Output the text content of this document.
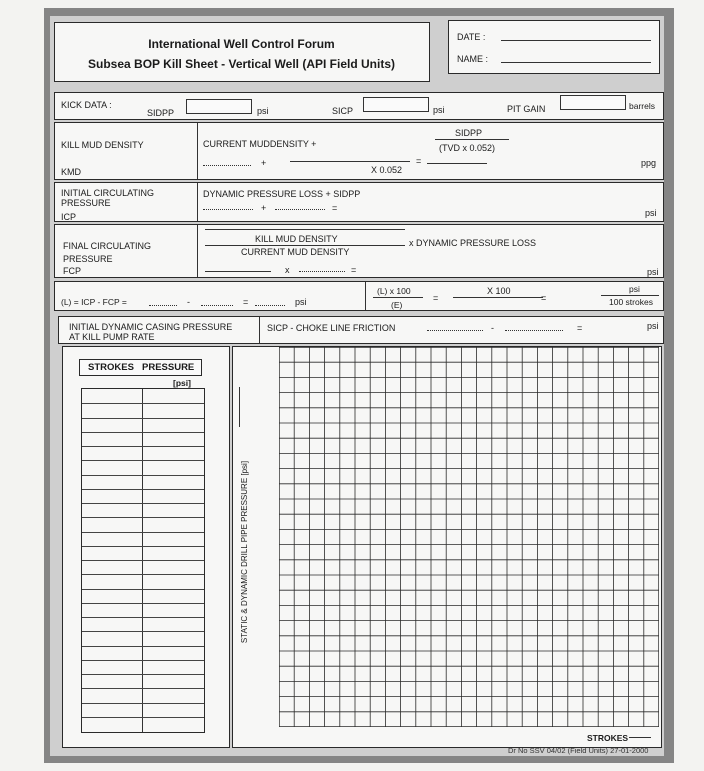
International Well Control Forum
Subsea BOP Kill Sheet - Vertical Well (API Field Units)
DATE :
NAME :
KICK DATA :
SIDPP	psi	SICP	psi	PIT GAIN	barrels
KILL MUD DENSITY
KMD
CURRENT MUDDENSITY +
SIDPP
(TVD x 0.052)
+
X 0.052
=	ppg
INITIAL CIRCULATING
PRESSURE
ICP
DYNAMIC PRESSURE LOSS + SIDPP
+	=	psi
FINAL CIRCULATING
PRESSURE
FCP
KILL MUD DENSITY
CURRENT MUD DENSITY
x DYNAMIC PRESSURE LOSS
x	=	psi
(L) = ICP - FCP =	-	=	psi
(L) x 100
(E)
=
X 100
=
psi
100 strokes
INITIAL DYNAMIC CASING PRESSURE
AT KILL PUMP RATE
SICP - CHOKE LINE FRICTION	-	=	psi
STROKES PRESSURE
[psi]
STATIC & DYNAMIC DRILL PIPE PRESSURE [psi]
STROKES
Dr No SSV 04/02 (Field Units) 27-01-2000
